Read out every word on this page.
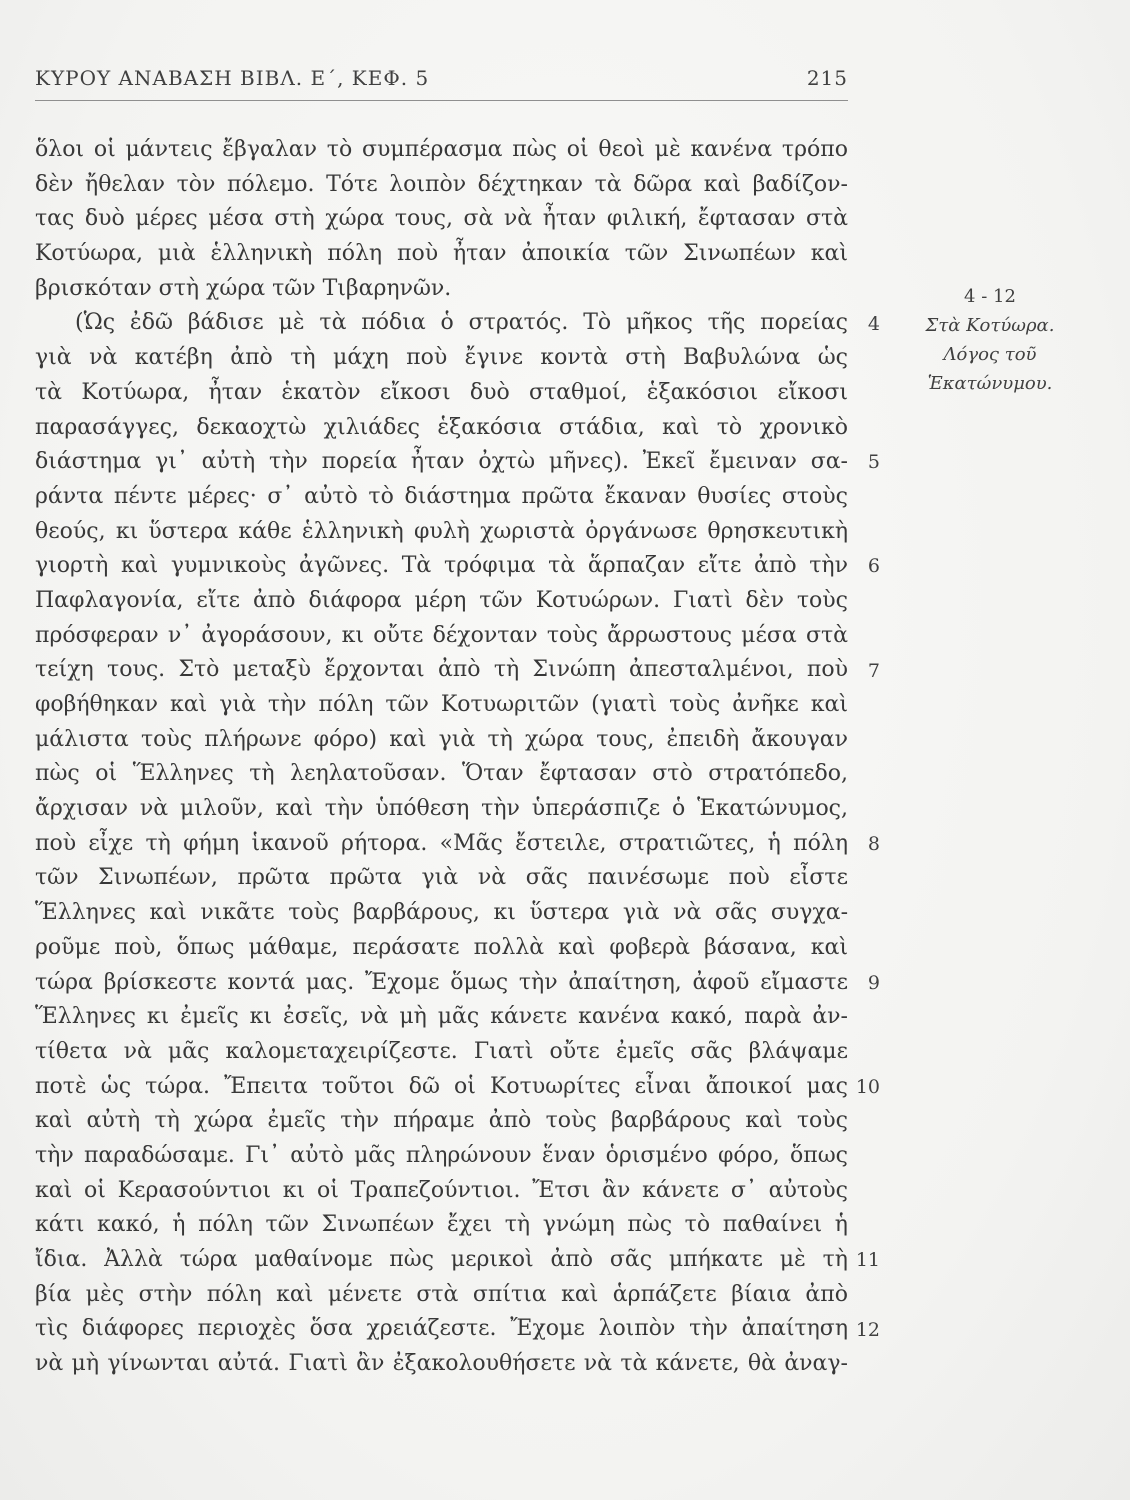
ΚΥΡΟΥ ΑΝΑΒΑΣΗ ΒΙΒΛ. Ε΄, ΚΕΦ. 5	215
ὅλοι οἱ μάντεις ἔβγαλαν τὸ συμπέρασμα πὼς οἱ θεοὶ μὲ κανένα τρόπο
δὲν ἤθελαν τὸν πόλεμο. Τότε λοιπὸν δέχτηκαν τὰ δῶρα καὶ βαδίζον-
τας δυὸ μέρες μέσα στὴ χώρα τους, σὰ νὰ ἦταν φιλική, ἔφτασαν στὰ
Κοτύωρα, μιὰ ἑλληνικὴ πόλη ποὺ ἦταν ἀποικία τῶν Σινωπέων καὶ
βρισκόταν στὴ χώρα τῶν Τιβαρηνῶν.
(Ὡς ἐδῶ βάδισε μὲ τὰ πόδια ὁ στρατός. Τὸ μῆκος τῆς πορείας
γιὰ νὰ κατέβη ἀπὸ τὴ μάχη ποὺ ἔγινε κοντὰ στὴ Βαβυλώνα ὡς
τὰ Κοτύωρα, ἦταν ἑκατὸν εἴκοσι δυὸ σταθμοί, ἑξακόσιοι εἴκοσι
παρασάγγες, δεκαοχτὼ χιλιάδες ἑξακόσια στάδια, καὶ τὸ χρονικὸ
διάστημα γι᾿ αὐτὴ τὴν πορεία ἦταν ὀχτὼ μῆνες). Ἐκεῖ ἔμειναν σα-
ράντα πέντε μέρες· σ᾿ αὐτὸ τὸ διάστημα πρῶτα ἔκαναν θυσίες στοὺς
θεούς, κι ὕστερα κάθε ἑλληνικὴ φυλὴ χωριστὰ ὀργάνωσε θρησκευτικὴ
γιορτὴ καὶ γυμνικοὺς ἀγῶνες. Τὰ τρόφιμα τὰ ἅρπαζαν εἴτε ἀπὸ τὴν
Παφλαγονία, εἴτε ἀπὸ διάφορα μέρη τῶν Κοτυώρων. Γιατὶ δὲν τοὺς
πρόσφεραν ν᾿ ἀγοράσουν, κι οὔτε δέχονταν τοὺς ἄρρωστους μέσα στὰ
τείχη τους. Στὸ μεταξὺ ἔρχονται ἀπὸ τὴ Σινώπη ἀπεσταλμένοι, ποὺ
φοβήθηκαν καὶ γιὰ τὴν πόλη τῶν Κοτυωριτῶν (γιατὶ τοὺς ἀνῆκε καὶ
μάλιστα τοὺς πλήρωνε φόρο) καὶ γιὰ τὴ χώρα τους, ἐπειδὴ ἄκουγαν
πὼς οἱ Ἕλληνες τὴ λεηλατοῦσαν. Ὅταν ἔφτασαν στὸ στρατόπεδο,
ἄρχισαν νὰ μιλοῦν, καὶ τὴν ὑπόθεση τὴν ὑπεράσπιζε ὁ Ἑκατώνυμος,
ποὺ εἶχε τὴ φήμη ἱκανοῦ ρήτορα. «Μᾶς ἔστειλε, στρατιῶτες, ἡ πόλη
τῶν Σινωπέων, πρῶτα πρῶτα γιὰ νὰ σᾶς παινέσωμε ποὺ εἶστε
Ἕλληνες καὶ νικᾶτε τοὺς βαρβάρους, κι ὕστερα γιὰ νὰ σᾶς συγχα-
ροῦμε ποὺ, ὅπως μάθαμε, περάσατε πολλὰ καὶ φοβερὰ βάσανα, καὶ
τώρα βρίσκεστε κοντά μας. Ἔχομε ὅμως τὴν ἀπαίτηση, ἀφοῦ εἴμαστε
Ἕλληνες κι ἐμεῖς κι ἐσεῖς, νὰ μὴ μᾶς κάνετε κανένα κακό, παρὰ ἀν-
τίθετα νὰ μᾶς καλομεταχειρίζεστε. Γιατὶ οὔτε ἐμεῖς σᾶς βλάψαμε
ποτὲ ὡς τώρα. Ἔπειτα τοῦτοι δῶ οἱ Κοτυωρίτες εἶναι ἄποικοί μας
καὶ αὐτὴ τὴ χώρα ἐμεῖς τὴν πήραμε ἀπὸ τοὺς βαρβάρους καὶ τοὺς
τὴν παραδώσαμε. Γι᾿ αὐτὸ μᾶς πληρώνουν ἕναν ὁρισμένο φόρο, ὅπως
καὶ οἱ Κερασούντιοι κι οἱ Τραπεζούντιοι. Ἔτσι ἂν κάνετε σ᾿ αὐτοὺς
κάτι κακό, ἡ πόλη τῶν Σινωπέων ἔχει τὴ γνώμη πὼς τὸ παθαίνει ἡ
ἴδια. Ἀλλὰ τώρα μαθαίνομε πὼς μερικοὶ ἀπὸ σᾶς μπήκατε μὲ τὴ
βία μὲς στὴν πόλη καὶ μένετε στὰ σπίτια καὶ ἁρπάζετε βίαια ἀπὸ
τὶς διάφορες περιοχὲς ὅσα χρειάζεστε. Ἔχομε λοιπὸν τὴν ἀπαίτηση
νὰ μὴ γίνωνται αὐτά. Γιατὶ ἂν ἐξακολουθήσετε νὰ τὰ κάνετε, θὰ ἀναγ-
4
5
6
7
8
9
10
11
12
4 - 12
Στὰ Κοτύωρα.
Λόγος τοῦ
Ἑκατώνυμου.
